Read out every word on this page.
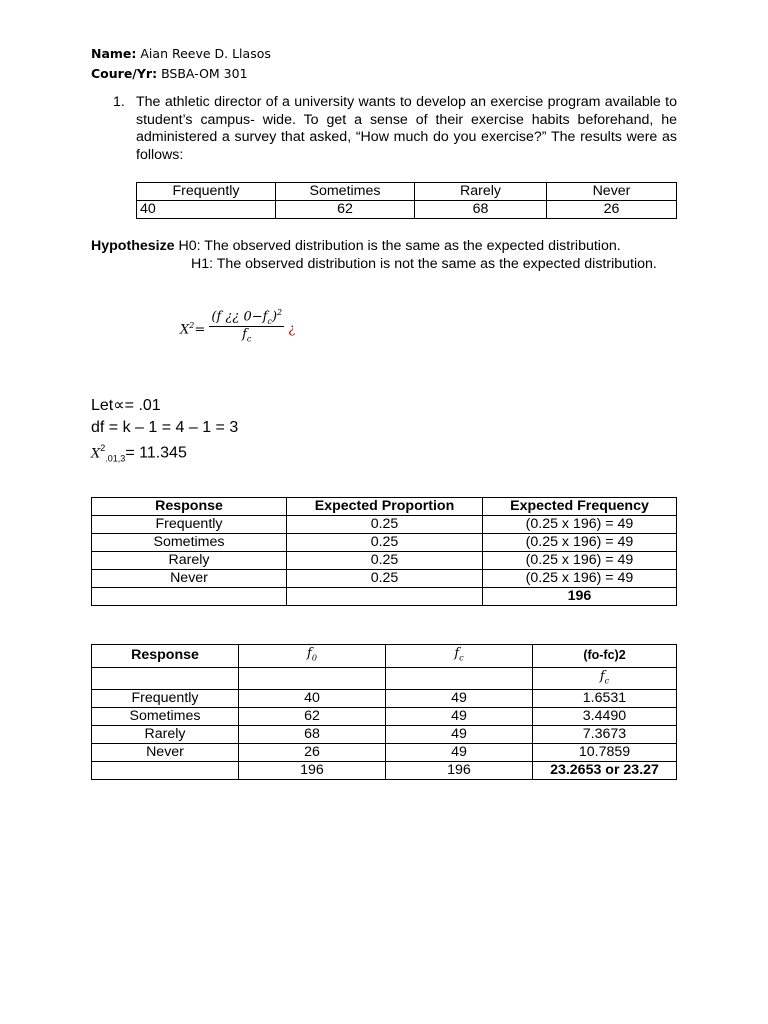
Name: Aian Reeve D. Llasos
Coure/Yr: BSBA-OM 301
1. The athletic director of a university wants to develop an exercise program available to student’s campus- wide. To get a sense of their exercise habits beforehand, he administered a survey that asked, “How much do you exercise?” The results were as follows:
Frequently	Sometimes	Rarely	Never
40	62	68	26
Hypothesize H0: The observed distribution is the same as the expected distribution.
H1: The observed distribution is not the same as the expected distribution.
$X^2= \frac{(f ¿¿ 0-f_c)^2}{f_c}$ ¿
Let∝= .01
df = k – 1 = 4 – 1 = 3
$X^2_{.01,3}= 11.345$
Response	Expected Proportion	Expected Frequency
Frequently	0.25	(0.25 x 196) = 49
Sometimes	0.25	(0.25 x 196) = 49
Rarely	0.25	(0.25 x 196) = 49
Never	0.25	(0.25 x 196) = 49
		196
Response	$f_0$	$f_c$	(fo-fc)2
			$f_c$
Frequently	40	49	1.6531
Sometimes	62	49	3.4490
Rarely	68	49	7.3673
Never	26	49	10.7859
	196	196	23.2653 or 23.27
